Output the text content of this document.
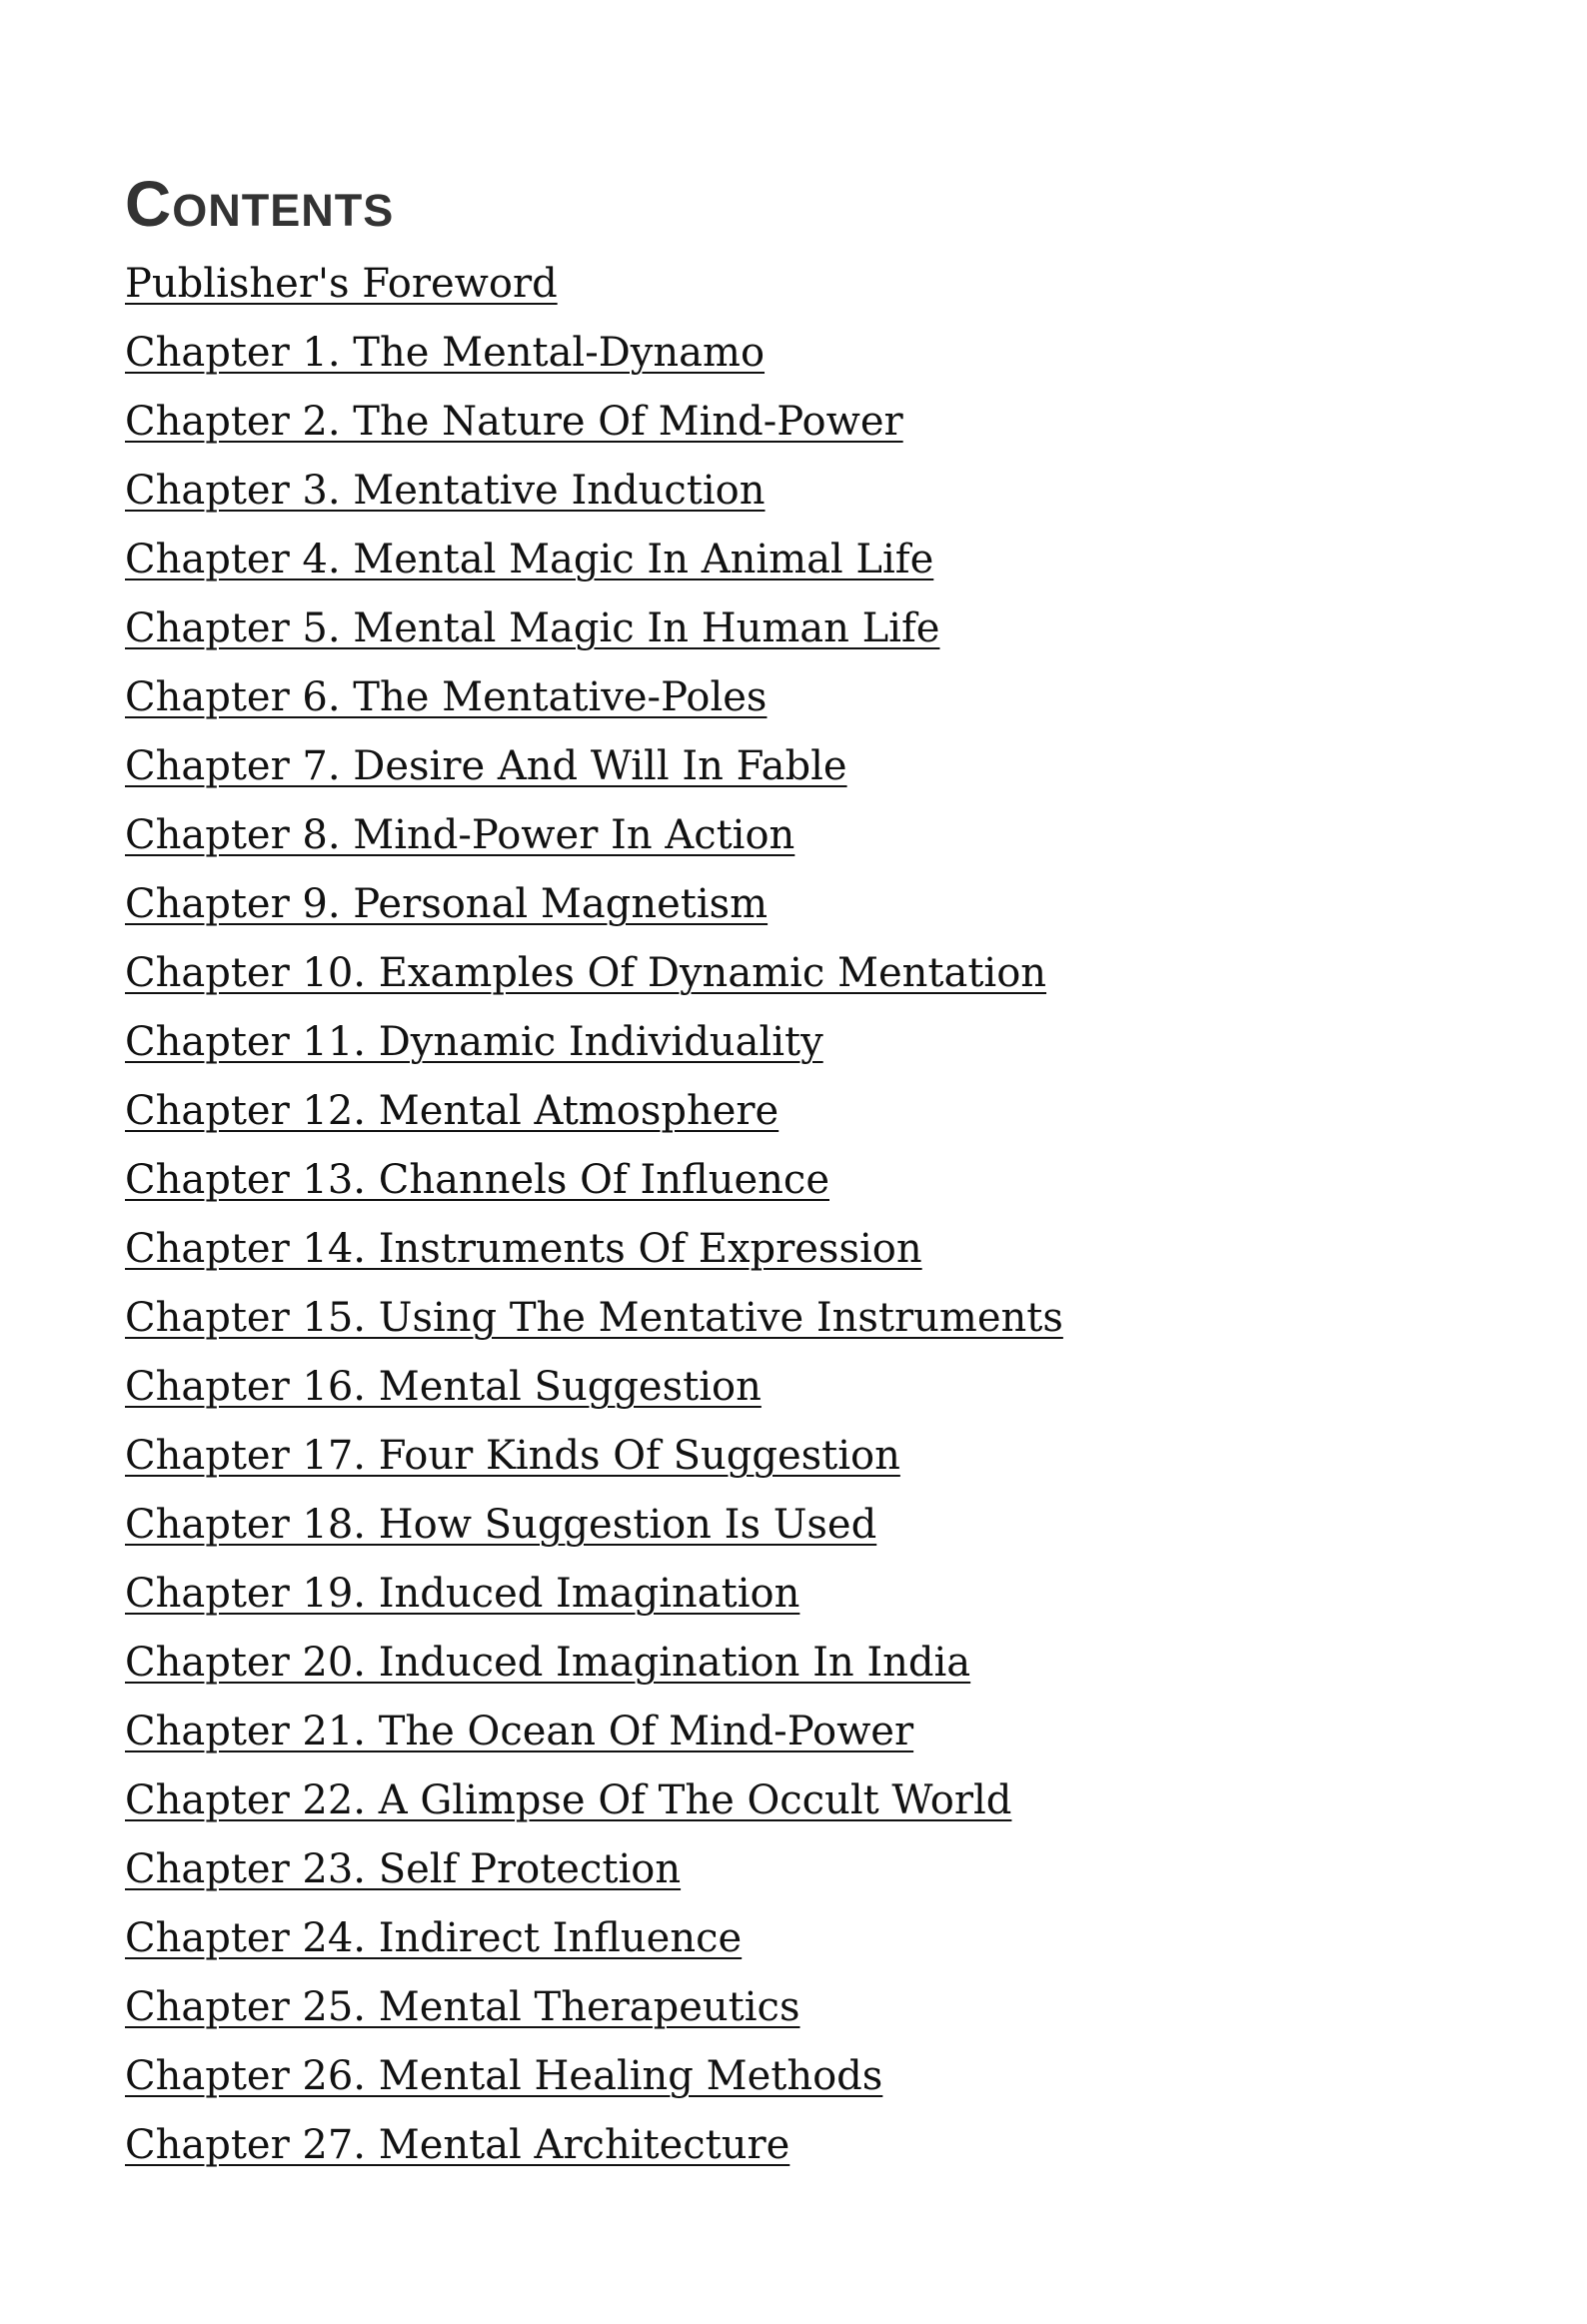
Contents
Publisher's Foreword
Chapter 1. The Mental-Dynamo
Chapter 2. The Nature Of Mind-Power
Chapter 3. Mentative Induction
Chapter 4. Mental Magic In Animal Life
Chapter 5. Mental Magic In Human Life
Chapter 6. The Mentative-Poles
Chapter 7. Desire And Will In Fable
Chapter 8. Mind-Power In Action
Chapter 9. Personal Magnetism
Chapter 10. Examples Of Dynamic Mentation
Chapter 11. Dynamic Individuality
Chapter 12. Mental Atmosphere
Chapter 13. Channels Of Influence
Chapter 14. Instruments Of Expression
Chapter 15. Using The Mentative Instruments
Chapter 16. Mental Suggestion
Chapter 17. Four Kinds Of Suggestion
Chapter 18. How Suggestion Is Used
Chapter 19. Induced Imagination
Chapter 20. Induced Imagination In India
Chapter 21. The Ocean Of Mind-Power
Chapter 22. A Glimpse Of The Occult World
Chapter 23. Self Protection
Chapter 24. Indirect Influence
Chapter 25. Mental Therapeutics
Chapter 26. Mental Healing Methods
Chapter 27. Mental Architecture
